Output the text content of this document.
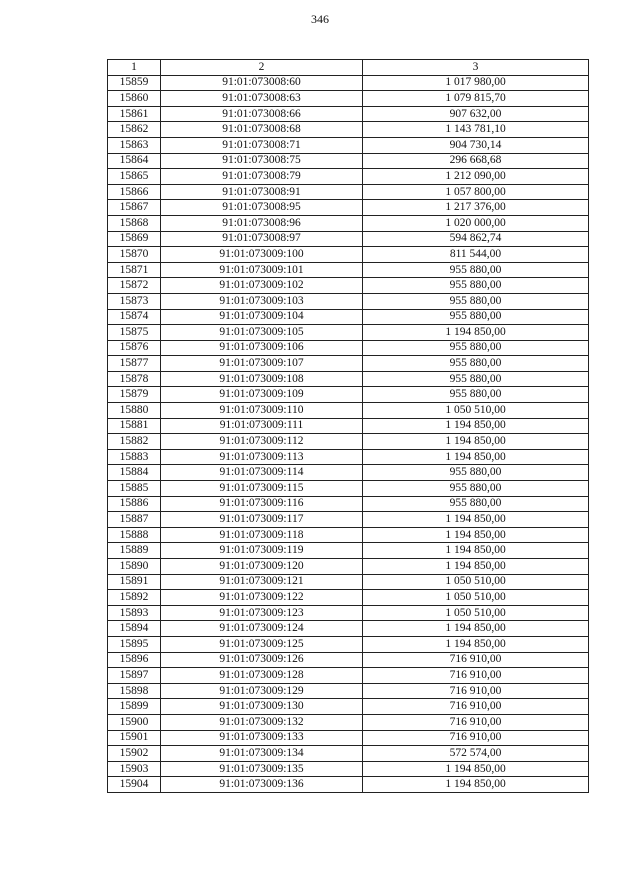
346
1	2	3
15859	91:01:073008:60	1 017 980,00
15860	91:01:073008:63	1 079 815,70
15861	91:01:073008:66	907 632,00
15862	91:01:073008:68	1 143 781,10
15863	91:01:073008:71	904 730,14
15864	91:01:073008:75	296 668,68
15865	91:01:073008:79	1 212 090,00
15866	91:01:073008:91	1 057 800,00
15867	91:01:073008:95	1 217 376,00
15868	91:01:073008:96	1 020 000,00
15869	91:01:073008:97	594 862,74
15870	91:01:073009:100	811 544,00
15871	91:01:073009:101	955 880,00
15872	91:01:073009:102	955 880,00
15873	91:01:073009:103	955 880,00
15874	91:01:073009:104	955 880,00
15875	91:01:073009:105	1 194 850,00
15876	91:01:073009:106	955 880,00
15877	91:01:073009:107	955 880,00
15878	91:01:073009:108	955 880,00
15879	91:01:073009:109	955 880,00
15880	91:01:073009:110	1 050 510,00
15881	91:01:073009:111	1 194 850,00
15882	91:01:073009:112	1 194 850,00
15883	91:01:073009:113	1 194 850,00
15884	91:01:073009:114	955 880,00
15885	91:01:073009:115	955 880,00
15886	91:01:073009:116	955 880,00
15887	91:01:073009:117	1 194 850,00
15888	91:01:073009:118	1 194 850,00
15889	91:01:073009:119	1 194 850,00
15890	91:01:073009:120	1 194 850,00
15891	91:01:073009:121	1 050 510,00
15892	91:01:073009:122	1 050 510,00
15893	91:01:073009:123	1 050 510,00
15894	91:01:073009:124	1 194 850,00
15895	91:01:073009:125	1 194 850,00
15896	91:01:073009:126	716 910,00
15897	91:01:073009:128	716 910,00
15898	91:01:073009:129	716 910,00
15899	91:01:073009:130	716 910,00
15900	91:01:073009:132	716 910,00
15901	91:01:073009:133	716 910,00
15902	91:01:073009:134	572 574,00
15903	91:01:073009:135	1 194 850,00
15904	91:01:073009:136	1 194 850,00
